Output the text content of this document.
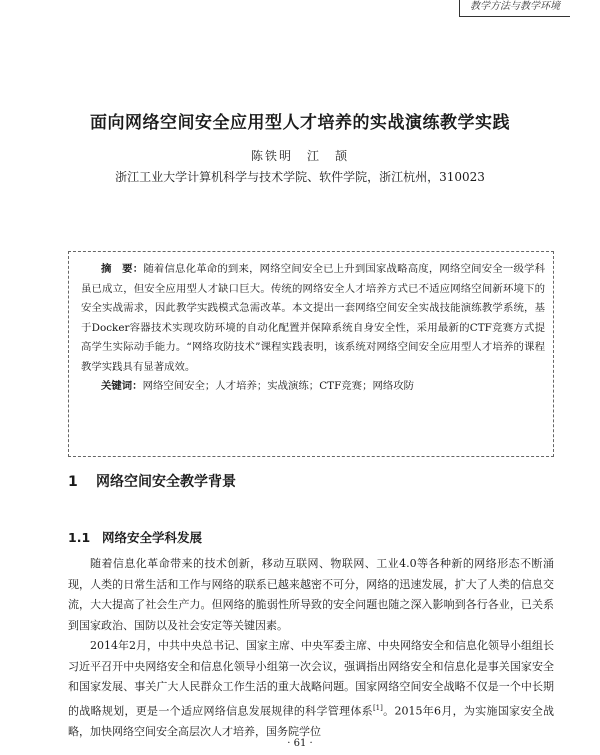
教学方法与教学环境
面向网络空间安全应用型人才培养的实战演练教学实践
陈铁明　江　颉
浙江工业大学计算机科学与技术学院、软件学院，浙江杭州，310023

摘　要：随着信息化革命的到来，网络空间安全已上升到国家战略高度，网络空间安全一级学科虽已成立，但安全应用型人才缺口巨大。传统的网络安全人才培养方式已不适应网络空间新环境下的安全实战需求，因此教学实践模式急需改革。本文提出一套网络空间安全实战技能演练教学系统，基于Docker容器技术实现攻防环境的自动化配置并保障系统自身安全性，采用最新的CTF竞赛方式提高学生实际动手能力。“网络攻防技术”课程实践表明，该系统对网络空间安全应用型人才培养的课程教学实践具有显著成效。

关键词：网络空间安全；人才培养；实战演练；CTF竞赛；网络攻防

1 网络空间安全教学背景
1.1 网络安全学科发展

随着信息化革命带来的技术创新，移动互联网、物联网、工业4.0等各种新的网络形态不断涌现，人类的日常生活和工作与网络的联系已越来越密不可分，网络的迅速发展，扩大了人类的信息交流，大大提高了社会生产力。但网络的脆弱性所导致的安全问题也随之深入影响到各行各业，已关系到国家政治、国防以及社会安定等关键因素。

2014年2月，中共中央总书记、国家主席、中央军委主席、中央网络安全和信息化领导小组组长习近平召开中央网络安全和信息化领导小组第一次会议，强调指出网络安全和信息化是事关国家安全和国家发展、事关广大人民群众工作生活的重大战略问题。国家网络空间安全战略不仅是一个中长期的战略规划，更是一个适应网络信息发展规律的科学管理体系[1]。2015年6月，为实施国家安全战略，加快网络空间安全高层次人才培养，国务院学位

· 61 ·
